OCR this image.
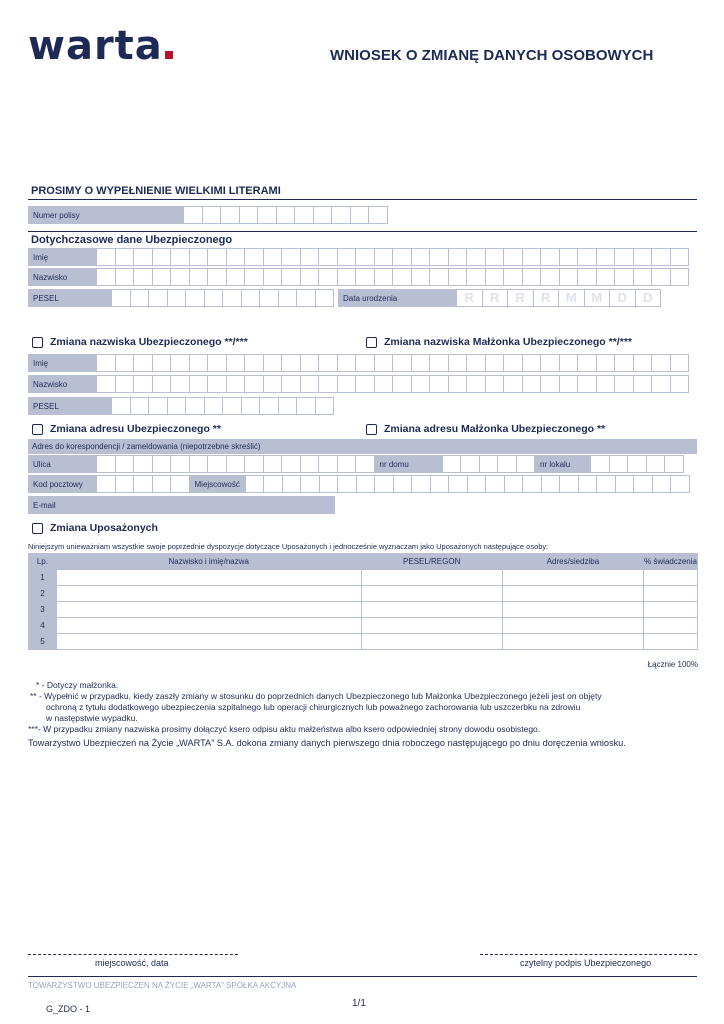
warta	WNIOSEK O ZMIANĘ DANYCH OSOBOWYCH
PROSIMY O WYPEŁNIENIE WIELKIMI LITERAMI
Numer polisy
Dotychczasowe dane Ubezpieczonego
Imię
Nazwisko
PESEL	Data urodzenia	R	R	R	R	M	M	D	D
Zmiana nazwiska Ubezpieczonego **/***	Zmiana nazwiska Małżonka Ubezpieczonego **/***
Imię
Nazwisko
PESEL
Zmiana adresu Ubezpieczonego **	Zmiana adresu Małżonka Ubezpieczonego **
Adres do korespondencji / zameldowania (niepotrzebne skreślić)
Ulica	nr domu	nr lokalu
Kod pocztowy	Miejscowość
E-mail
Zmiana Uposażonych
Niniejszym unieważniam wszystkie swoje poprzednie dyspozycje dotyczące Uposażonych i jednocześnie wyznaczam jako Uposażonych następujące osoby:
Lp.	Nazwisko i imię/nazwa	PESEL/REGON	Adres/siedziba	% świadczenia
1				
2				
3				
4				
5				
Łącznie 100%
* - Dotyczy małżonka.
** - Wypełnić w przypadku, kiedy zaszły zmiany w stosunku do poprzednich danych Ubezpieczonego lub Małżonka Ubezpieczonego jeżeli jest on objęty
ochroną z tytułu dodatkowego ubezpieczenia szpitalnego lub operacji chirurgicznych lub poważnego zachorowania lub uszczerbku na zdrowiu
w następstwie wypadku.
***- W przypadku zmiany nazwiska prosimy dołączyć ksero odpisu aktu małżeństwa albo ksero odpowiedniej strony dowodu osobistego.
Towarzystwo Ubezpieczeń na Życie „WARTA” S.A. dokona zmiany danych pierwszego dnia roboczego następującego po dniu doręczenia wniosku.
miejscowość, data	czytelny podpis Ubezpieczonego
TOWARZYSTWO UBEZPIECZEŃ NA ŻYCIE „WARTA” SPÓŁKA AKCYJNA
G_ZDO - 1	1/1
